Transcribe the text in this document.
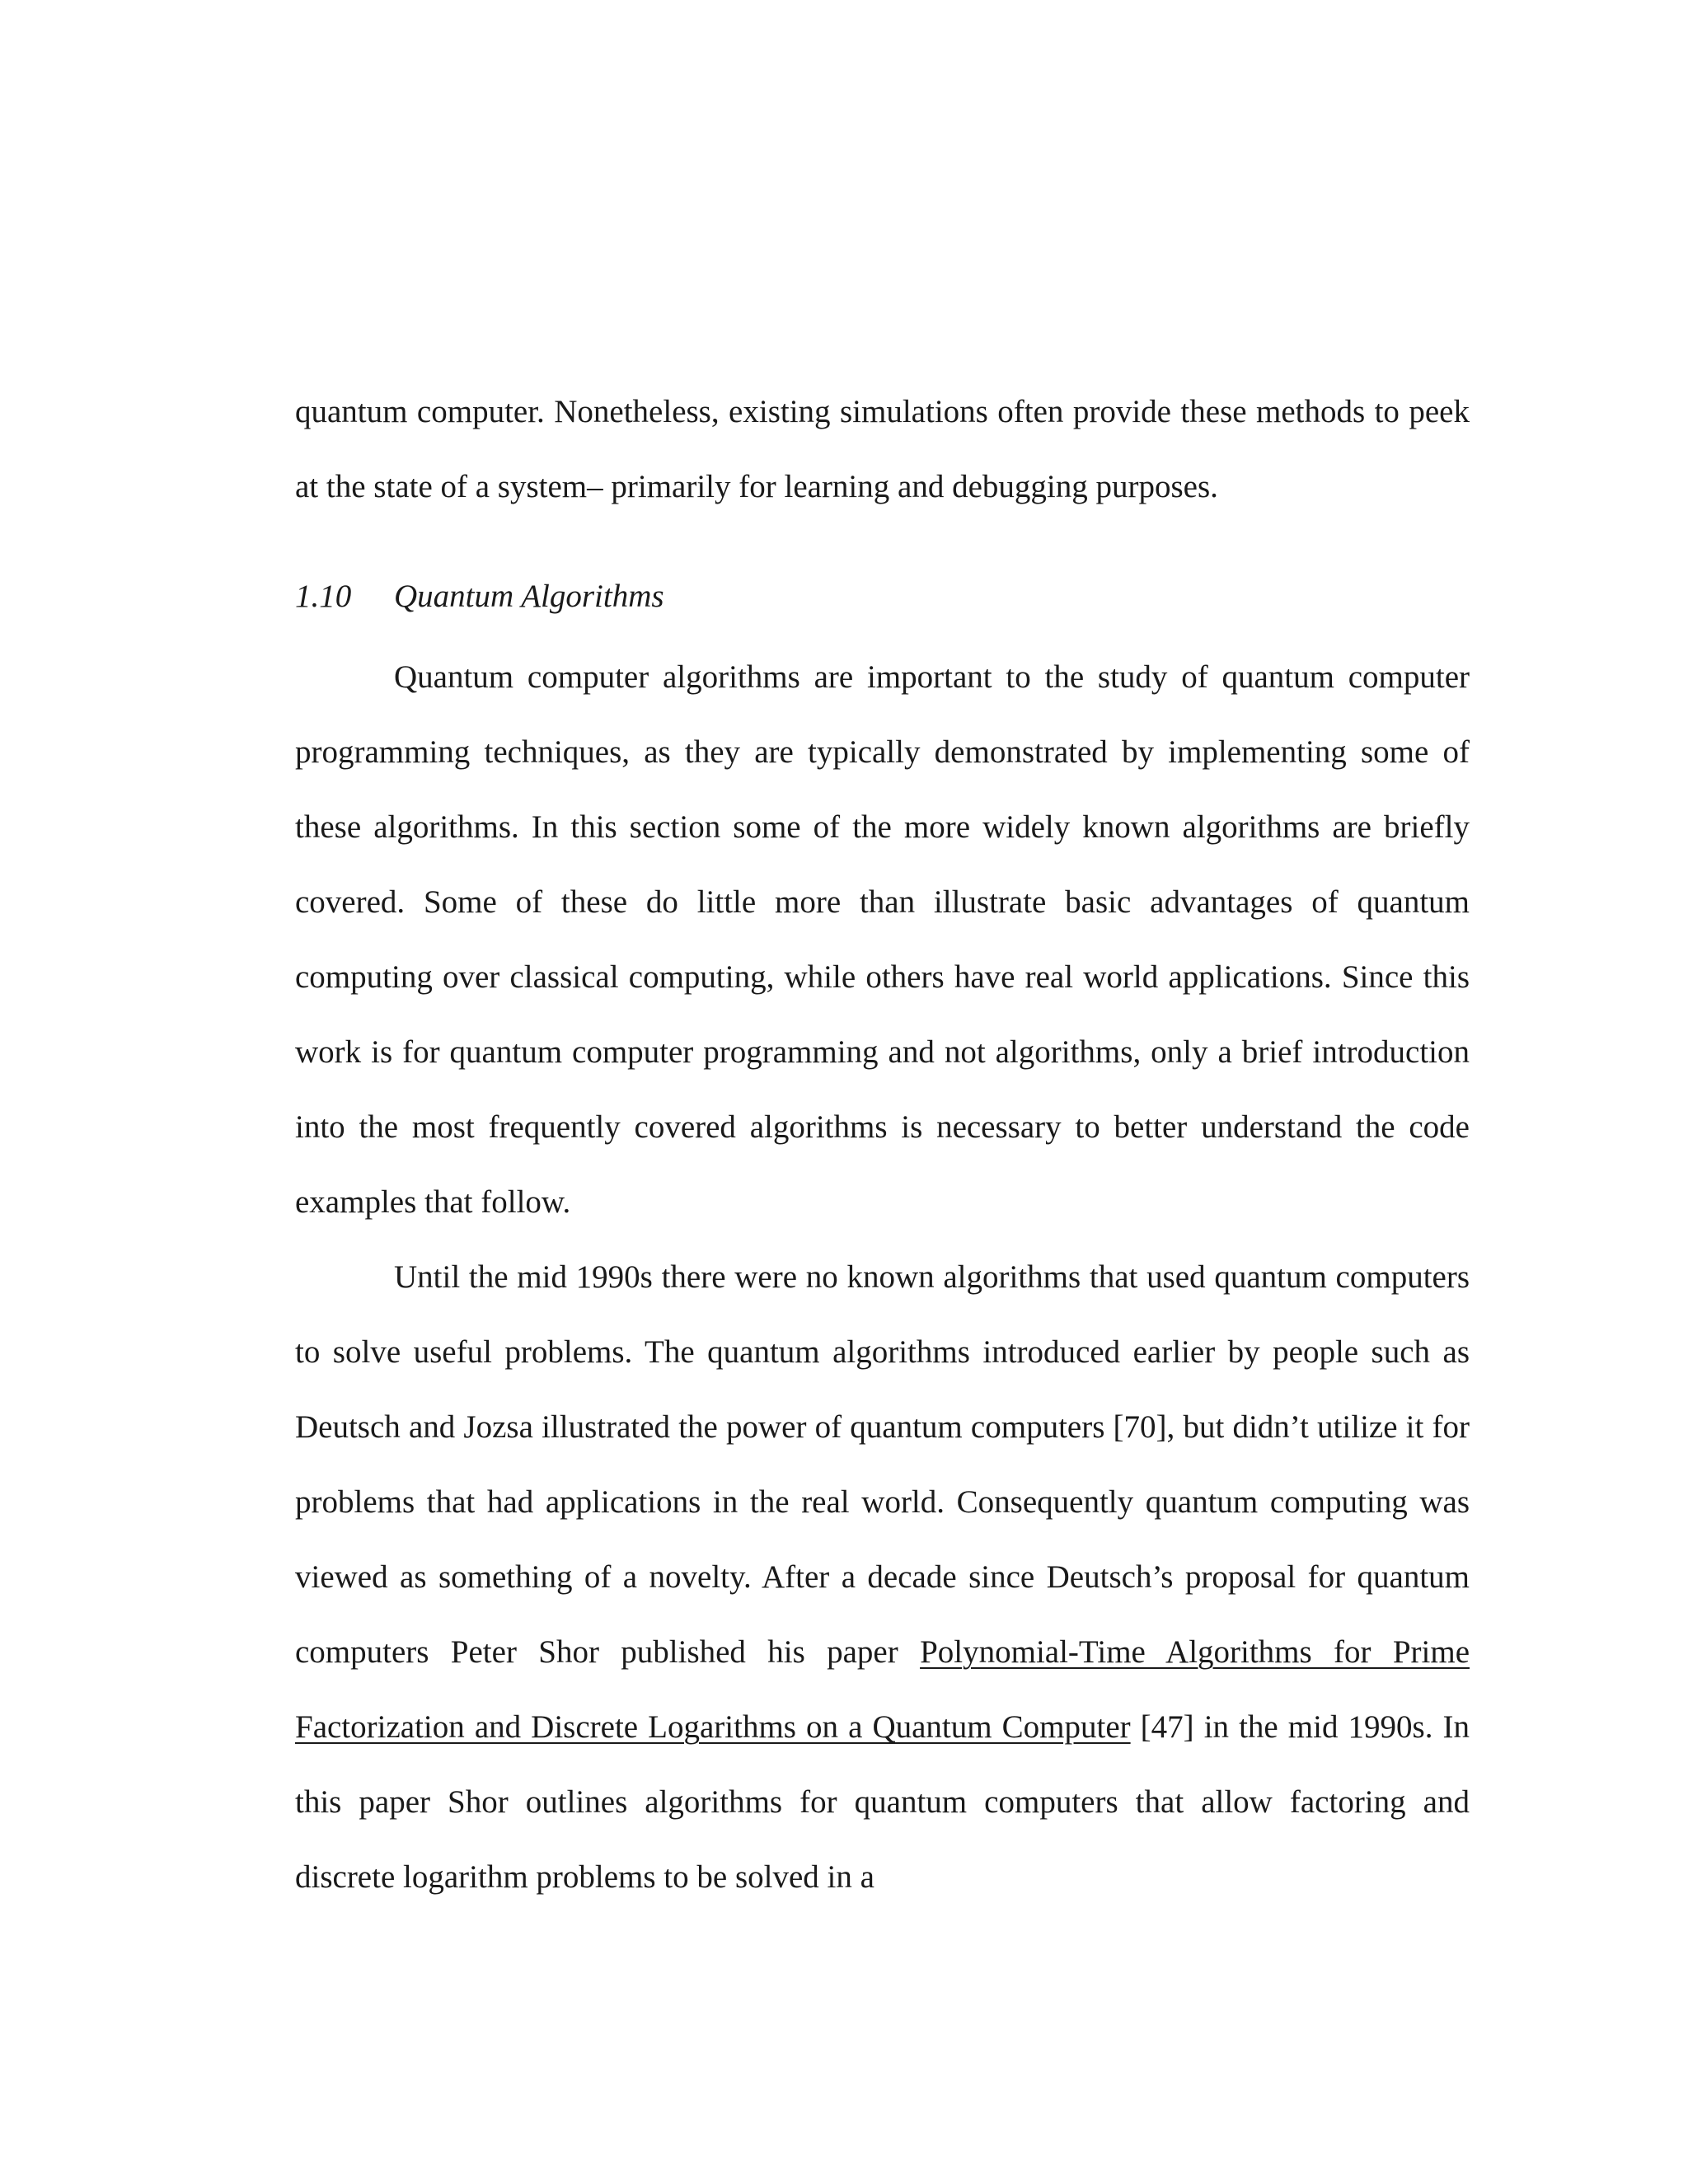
quantum computer. Nonetheless, existing simulations often provide these methods to peek at the state of a system– primarily for learning and debugging purposes.

1.10 Quantum Algorithms

Quantum computer algorithms are important to the study of quantum computer programming techniques, as they are typically demonstrated by implementing some of these algorithms. In this section some of the more widely known algorithms are briefly covered. Some of these do little more than illustrate basic advantages of quantum computing over classical computing, while others have real world applications. Since this work is for quantum computer programming and not algorithms, only a brief introduction into the most frequently covered algorithms is necessary to better understand the code examples that follow.

Until the mid 1990s there were no known algorithms that used quantum computers to solve useful problems. The quantum algorithms introduced earlier by people such as Deutsch and Jozsa illustrated the power of quantum computers [70], but didn’t utilize it for problems that had applications in the real world. Consequently quantum computing was viewed as something of a novelty. After a decade since Deutsch’s proposal for quantum computers Peter Shor published his paper Polynomial-Time Algorithms for Prime Factorization and Discrete Logarithms on a Quantum Computer [47] in the mid 1990s. In this paper Shor outlines algorithms for quantum computers that allow factoring and discrete logarithm problems to be solved in a
